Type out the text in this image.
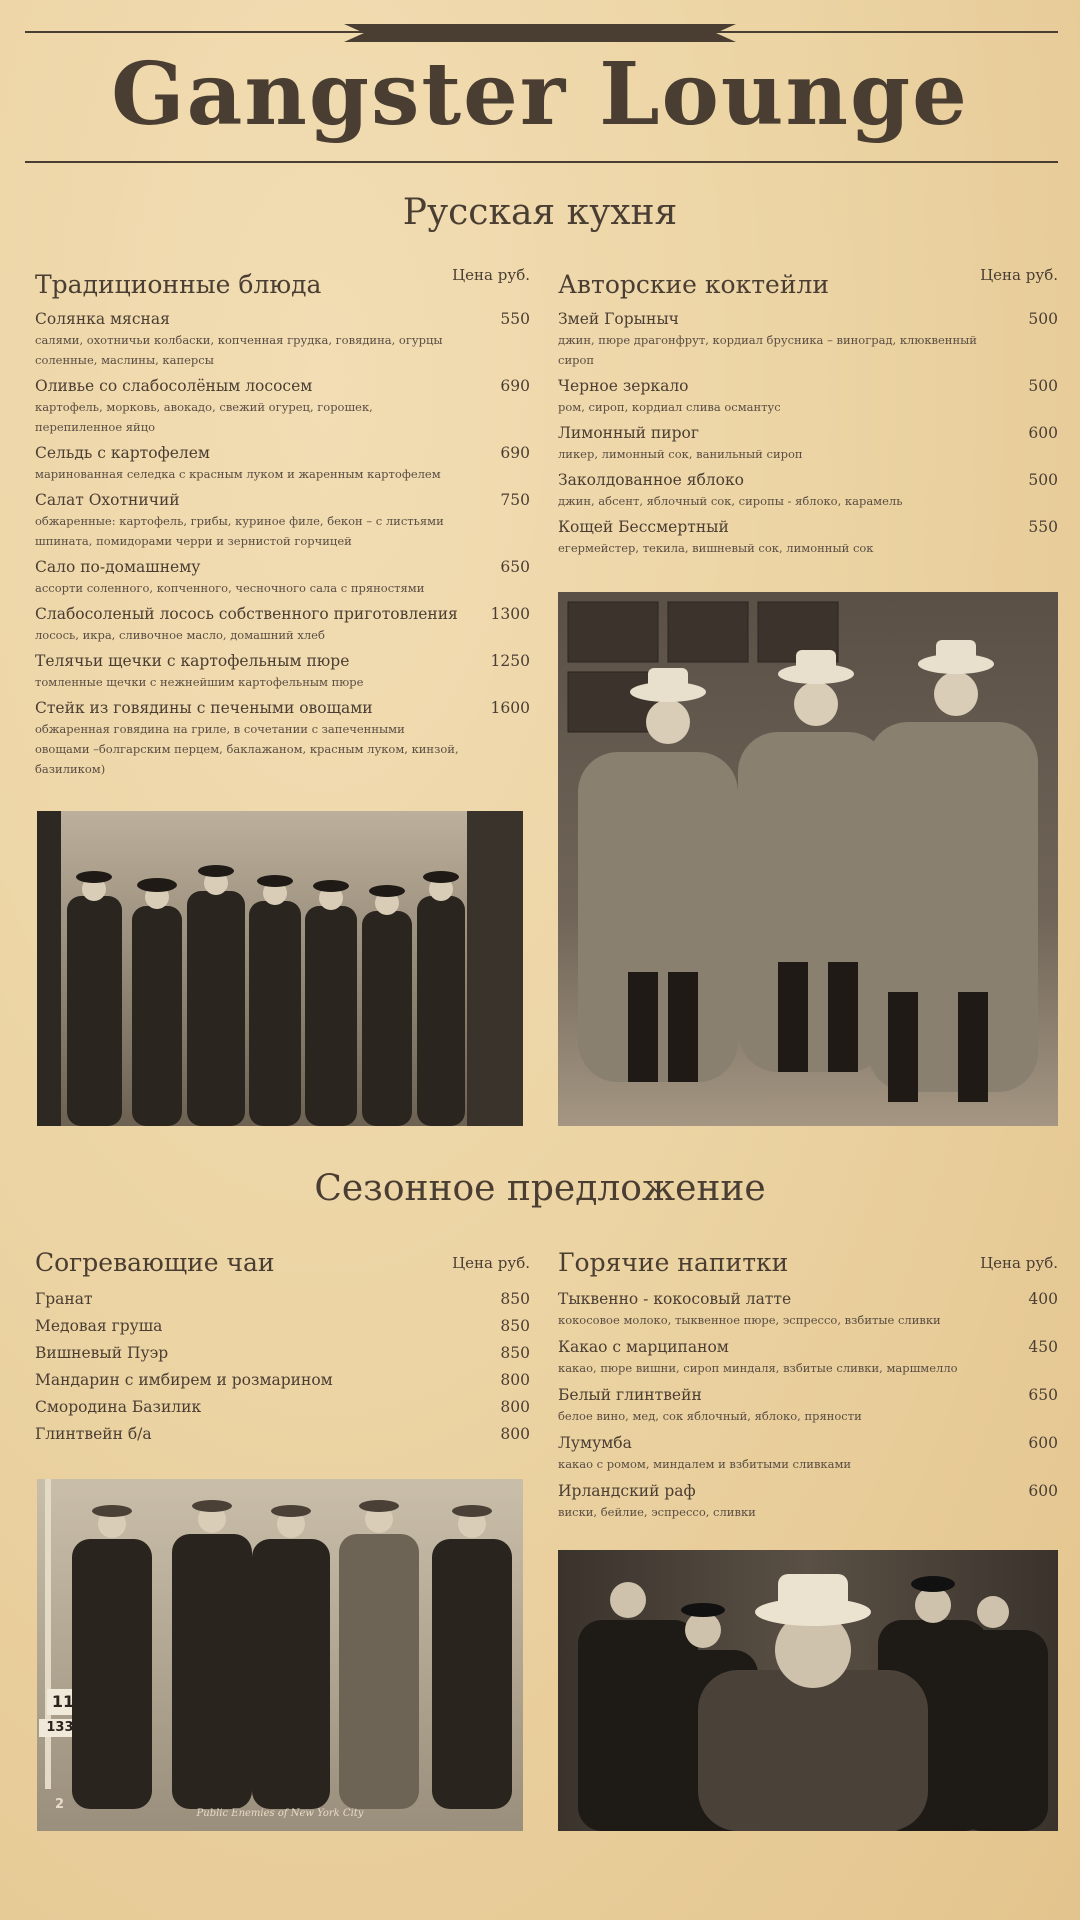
Gangster Lounge
Русская кухня
Традиционные блюда	Цена руб.
Солянка мясная	550
салями, охотничьи колбаски, копченная грудка, говядина, огурцы соленные, маслины, каперсы
Оливье со слабосолёным лососем	690
картофель, морковь, авокадо, свежий огурец, горошек, перепиленное яйцо
Сельдь с картофелем	690
маринованная селедка с красным луком и жаренным картофелем
Салат Охотничий	750
обжаренные: картофель, грибы, куриное филе, бекон – с листьями шпината, помидорами черри и зернистой горчицей
Сало по-домашнему	650
ассорти соленного, копченного, чесночного сала с пряностями
Слабосоленый лосось собственного приготовления	1300
лосось, икра, сливочное масло, домашний хлеб
Телячьи щечки с картофельным пюре	1250
томленные щечки с нежнейшим картофельным пюре
Стейк из говядины с печеными овощами	1600
обжаренная говядина на гриле, в сочетании с запеченными овощами –болгарским перцем, баклажаном, красным луком, кинзой, базиликом)
Авторские коктейли	Цена руб.
Змей Горыныч	500
джин, пюре драгонфрут, кордиал брусника – виноград, клюквенный сироп
Черное зеркало	500
ром, сироп, кордиал слива османтус
Лимонный пирог	600
ликер, лимонный сок, ванильный сироп
Заколдованное яблоко	500
джин, абсент, яблочный сок, сиропы - яблоко, карамель
Кощей Бессмертный	550
егермейстер, текила, вишневый сок, лимонный сок
Сезонное предложение
Согревающие чаи	Цена руб.
Гранат	850
Медовая груша	850
Вишневый Пуэр	850
Мандарин с имбирем и розмарином	800
Смородина Базилик	800
Глинтвейн б/а	800
Горячие напитки	Цена руб.
Тыквенно - кокосовый латте	400
кокосовое молоко, тыквенное пюре, эспрессо, взбитые сливки
Какао с марципаном	450
какао, пюре вишни, сироп миндаля, взбитые сливки, маршмелло
Белый глинтвейн	650
белое вино, мед, сок яблочный, яблоко, пряности
Лумумба	600
какао с ромом, миндалем и взбитыми сливками
Ирландский раф	600
виски, бейлие, эспрессо, сливки
11
13313
2
Public Enemies of New York City
